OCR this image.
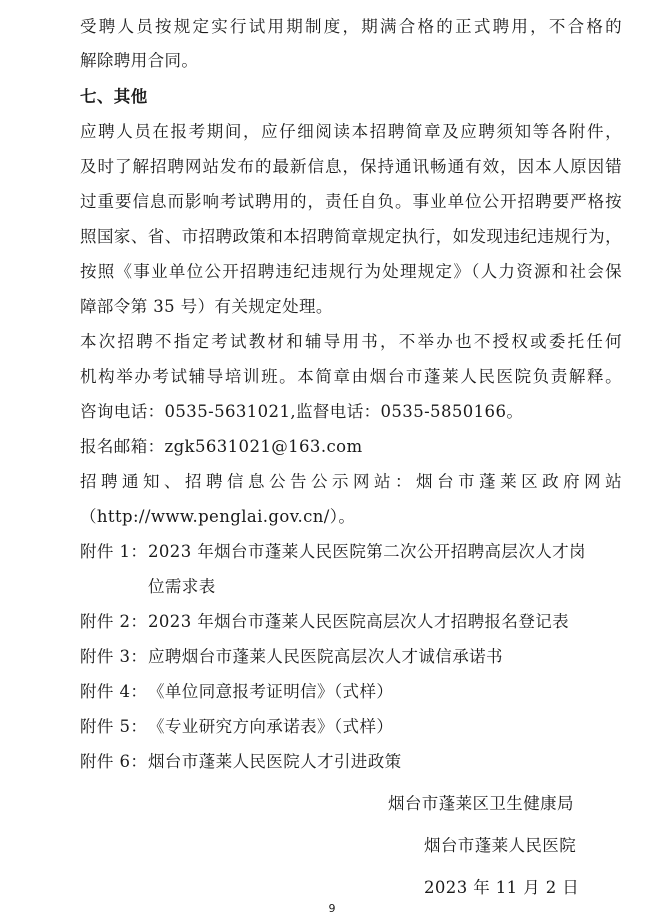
受聘人员按规定实行试用期制度，期满合格的正式聘用，不合格的
解除聘用合同。
七、其他
应聘人员在报考期间，应仔细阅读本招聘简章及应聘须知等各附件，
及时了解招聘网站发布的最新信息，保持通讯畅通有效，因本人原因错
过重要信息而影响考试聘用的，责任自负。事业单位公开招聘要严格按
照国家、省、市招聘政策和本招聘简章规定执行，如发现违纪违规行为，
按照《事业单位公开招聘违纪违规行为处理规定》（人力资源和社会保
障部令第 35 号）有关规定处理。
本次招聘不指定考试教材和辅导用书，不举办也不授权或委托任何
机构举办考试辅导培训班。本简章由烟台市蓬莱人民医院负责解释。
咨询电话：0535-5631021,监督电话：0535-5850166。
报名邮箱：zgk5631021@163.com
招聘通知、招聘信息公告公示网站：烟台市蓬莱区政府网站
（http://www.penglai.gov.cn/）。
附件 1： 2023 年烟台市蓬莱人民医院第二次公开招聘高层次人才岗
位需求表
附件 2： 2023 年烟台市蓬莱人民医院高层次人才招聘报名登记表
附件 3： 应聘烟台市蓬莱人民医院高层次人才诚信承诺书
附件 4： 《单位同意报考证明信》（式样）
附件 5： 《专业研究方向承诺表》（式样）
附件 6： 烟台市蓬莱人民医院人才引进政策
烟台市蓬莱区卫生健康局
烟台市蓬莱人民医院
2023 年 11 月 2 日
9
